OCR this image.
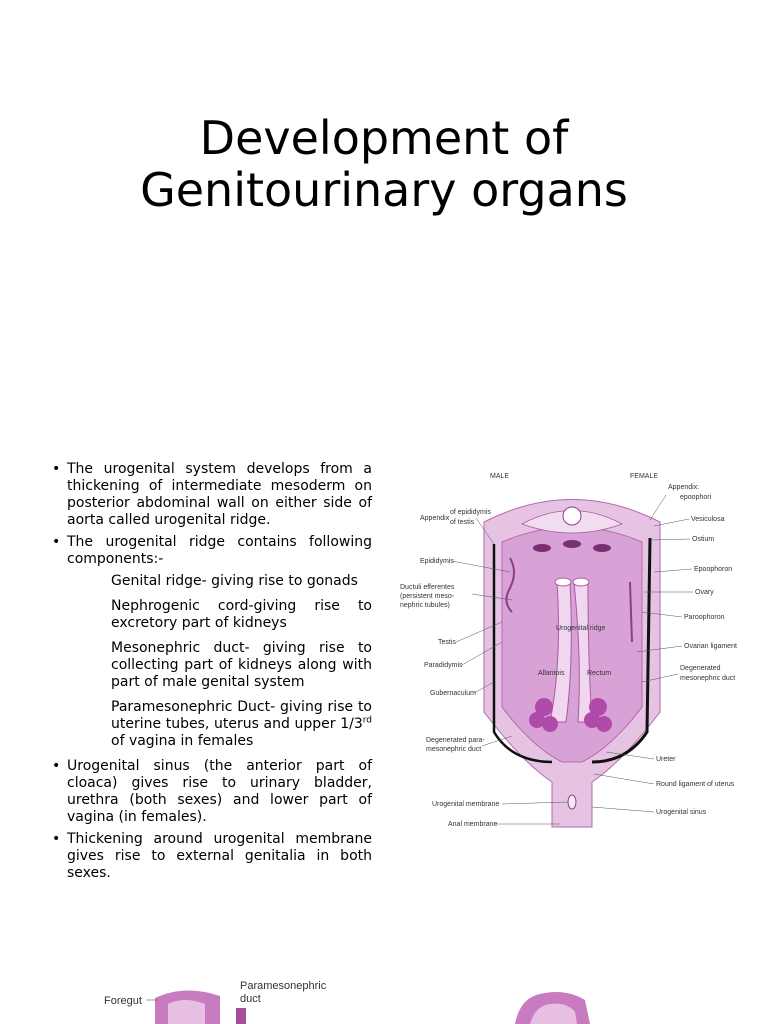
Development of
Genitourinary organs
• The urogenital system develops from a thickening of intermediate mesoderm on posterior abdominal wall on either side of aorta called urogenital ridge.
• The urogenital ridge contains following components:-
Genital ridge- giving rise to gonads
Nephrogenic cord-giving rise to excretory part of kidneys
Mesonephric duct- giving rise to collecting part of kidneys along with part of male genital system
Paramesonephric Duct- giving rise to uterine tubes, uterus and upper 1/3rd of vagina in females
• Urogenital sinus (the anterior part of cloaca) gives rise to urinary bladder, urethra (both sexes) and lower part of vagina (in females).
• Thickening around urogenital membrane gives rise to external genitalia in both sexes.
MALE	FEMALE
Appendix
of epididymis
of testis
Epididymis
Ductuli efferentes
(persistent meso-
nephric tubules)
Testis
Paradidymis
Gubernaculum
Degenerated para-
mesonephric duct
Urogenital membrane
Anal membrane
Urogenital ridge
Allantois	Rectum
Appendix:
epoophori
Vesiculosa
Ostium
Epoophoron
Ovary
Paroophoron
Ovarian ligament
Degenerated
mesonephric duct
Ureter
Round ligament of uterus
Urogenital sinus
Foregut
Paramesonephric
duct
